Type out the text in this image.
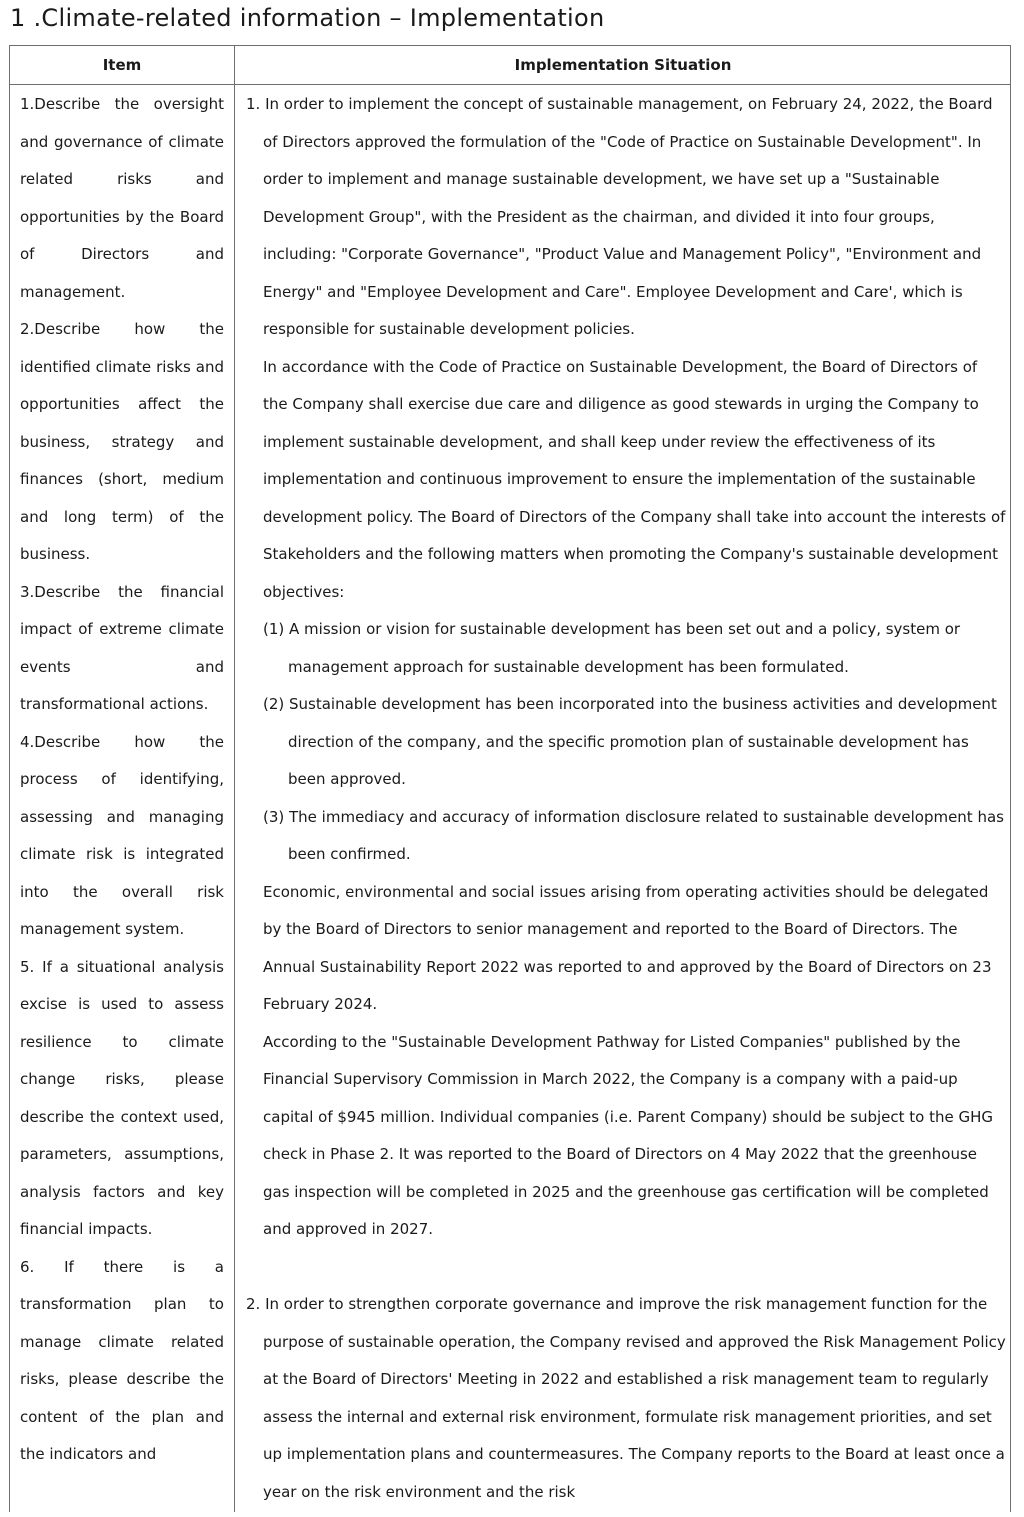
1 .Climate-related information – Implementation
Item	Implementation Situation

1.Describe the oversight and governance of climate related risks and opportunities by the Board of Directors and management.

2.Describe how the identified climate risks and opportunities affect the business, strategy and finances (short, medium and long term) of the business.

3.Describe the financial impact of extreme climate events and transformational actions.

4.Describe how the process of identifying, assessing and managing climate risk is integrated into the overall risk management system.

5. If a situational analysis excise is used to assess resilience to climate change risks, please describe the context used, parameters, assumptions, analysis factors and key financial impacts.

6. If there is a transformation plan to manage climate related risks, please describe the content of the plan and the indicators and

1. In order to implement the concept of sustainable management, on February 24, 2022, the Board of Directors approved the formulation of the "Code of Practice on Sustainable Development". In order to implement and manage sustainable development, we have set up a "Sustainable Development Group", with the President as the chairman, and divided it into four groups, including: "Corporate Governance", "Product Value and Management Policy", "Environment and Energy" and "Employee Development and Care". Employee Development and Care', which is responsible for sustainable development policies.

In accordance with the Code of Practice on Sustainable Development, the Board of Directors of the Company shall exercise due care and diligence as good stewards in urging the Company to implement sustainable development, and shall keep under review the effectiveness of its implementation and continuous improvement to ensure the implementation of the sustainable development policy. The Board of Directors of the Company shall take into account the interests of Stakeholders and the following matters when promoting the Company's sustainable development objectives:

(1) A mission or vision for sustainable development has been set out and a policy, system or management approach for sustainable development has been formulated.

(2) Sustainable development has been incorporated into the business activities and development direction of the company, and the specific promotion plan of sustainable development has been approved.

(3) The immediacy and accuracy of information disclosure related to sustainable development has been confirmed.

Economic, environmental and social issues arising from operating activities should be delegated by the Board of Directors to senior management and reported to the Board of Directors. The Annual Sustainability Report 2022 was reported to and approved by the Board of Directors on 23 February 2024.

According to the "Sustainable Development Pathway for Listed Companies" published by the Financial Supervisory Commission in March 2022, the Company is a company with a paid-up capital of $945 million. Individual companies (i.e. Parent Company) should be subject to the GHG check in Phase 2. It was reported to the Board of Directors on 4 May 2022 that the greenhouse gas inspection will be completed in 2025 and the greenhouse gas certification will be completed and approved in 2027.

2. In order to strengthen corporate governance and improve the risk management function for the purpose of sustainable operation, the Company revised and approved the Risk Management Policy at the Board of Directors' Meeting in 2022 and established a risk management team to regularly assess the internal and external risk environment, formulate risk management priorities, and set up implementation plans and countermeasures. The Company reports to the Board at least once a year on the risk environment and the risk
